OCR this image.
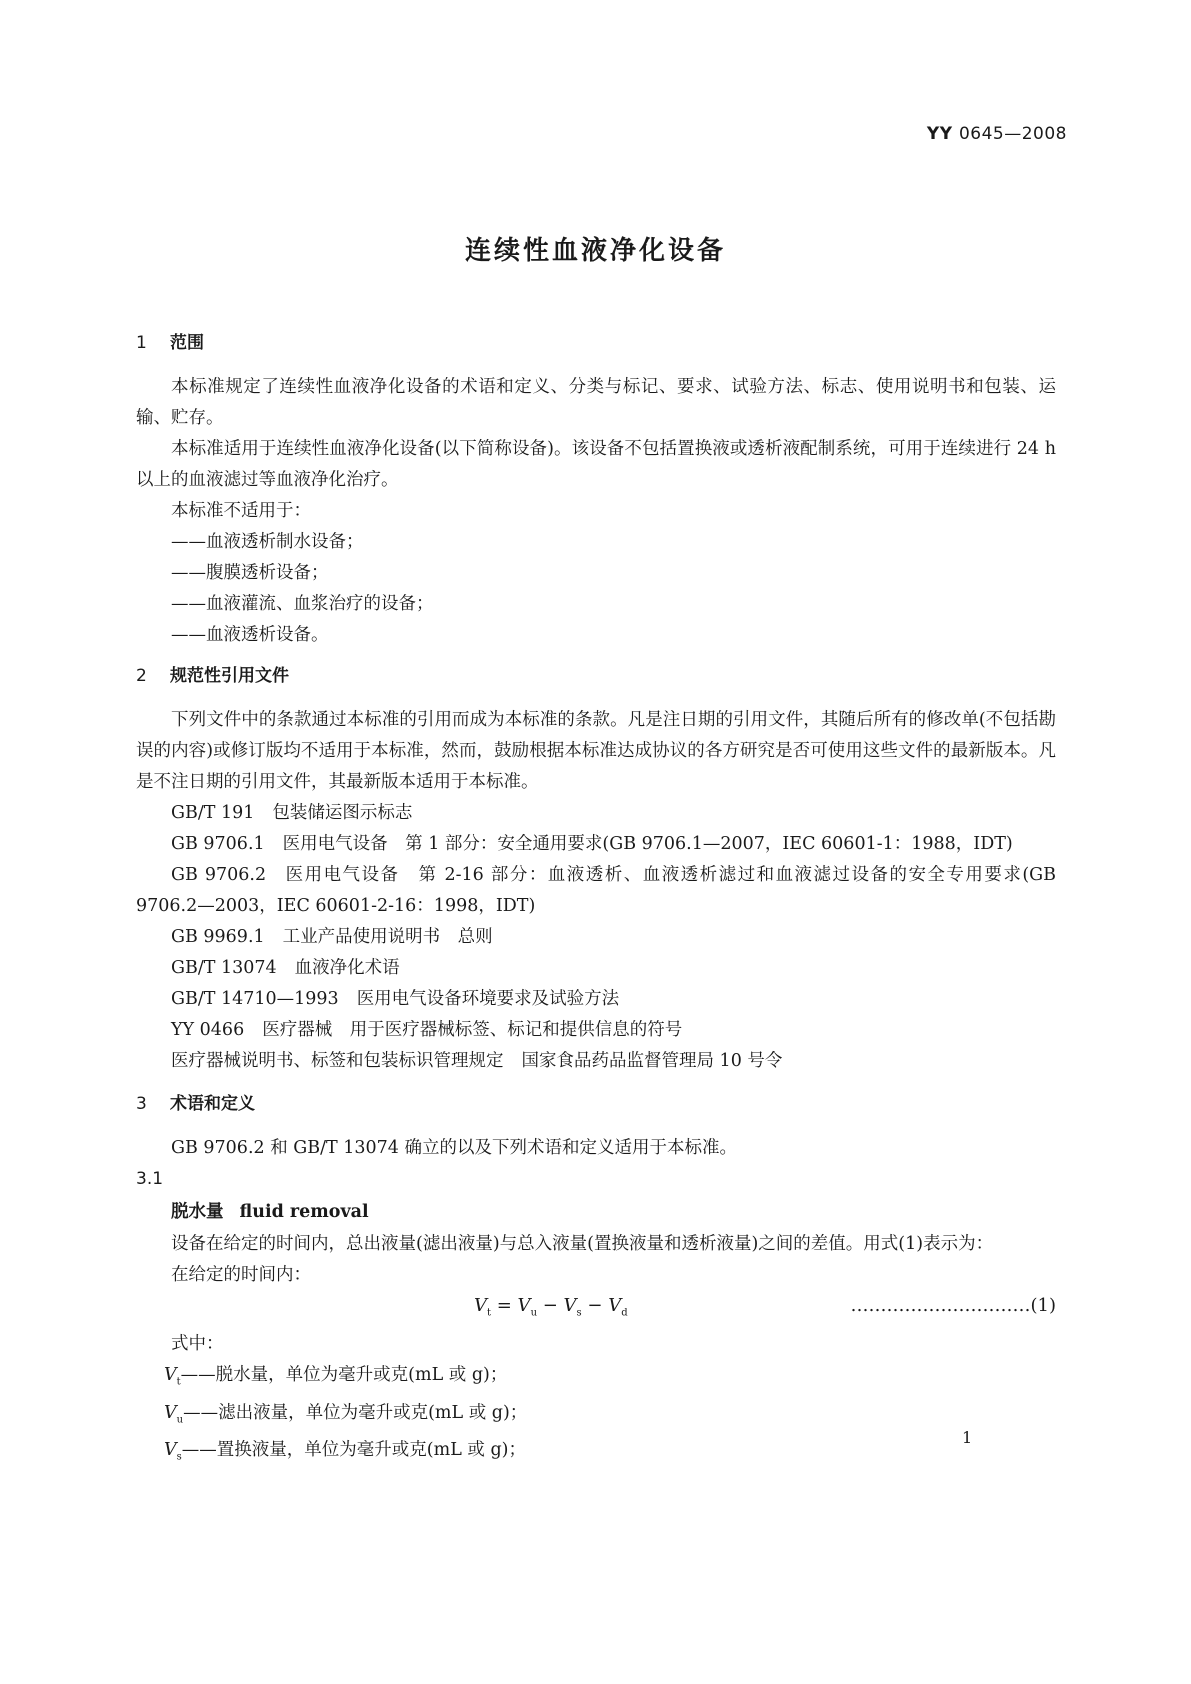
YY 0645—2008
连续性血液净化设备
1 范围

本标准规定了连续性血液净化设备的术语和定义、分类与标记、要求、试验方法、标志、使用说明书和包装、运输、贮存。

本标准适用于连续性血液净化设备(以下简称设备)。该设备不包括置换液或透析液配制系统，可用于连续进行 24 h 以上的血液滤过等血液净化治疗。

本标准不适用于：

——血液透析制水设备；
——腹膜透析设备；
——血液灌流、血浆治疗的设备；
——血液透析设备。
2 规范性引用文件

下列文件中的条款通过本标准的引用而成为本标准的条款。凡是注日期的引用文件，其随后所有的修改单(不包括勘误的内容)或修订版均不适用于本标准，然而，鼓励根据本标准达成协议的各方研究是否可使用这些文件的最新版本。凡是不注日期的引用文件，其最新版本适用于本标准。

GB/T 191 包装储运图示标志

GB 9706.1 医用电气设备　第 1 部分：安全通用要求(GB 9706.1—2007，IEC 60601-1：1988，IDT)

GB 9706.2 医用电气设备　第 2-16 部分：血液透析、血液透析滤过和血液滤过设备的安全专用要求(GB 9706.2—2003，IEC 60601-2-16：1998，IDT)

GB 9969.1 工业产品使用说明书　总则
GB/T 13074 血液净化术语
GB/T 14710—1993 医用电气设备环境要求及试验方法
YY 0466 医疗器械　用于医疗器械标签、标记和提供信息的符号
医疗器械说明书、标签和包装标识管理规定 国家食品药品监督管理局 10 号令
3 术语和定义

GB 9706.2 和 GB/T 13074 确立的以及下列术语和定义适用于本标准。

3.1
脱水量 fluid removal

设备在给定的时间内，总出液量(滤出液量)与总入液量(置换液量和透析液量)之间的差值。用式(1)表示为：

在给定的时间内：

$V_t = V_u - V_s - V_d$	…………………………(1)

式中：

$V_t——$脱水量，单位为毫升或克(mL 或 g)；
$V_u——$滤出液量，单位为毫升或克(mL 或 g)；
$V_s——$置换液量，单位为毫升或克(mL 或 g)；
1
